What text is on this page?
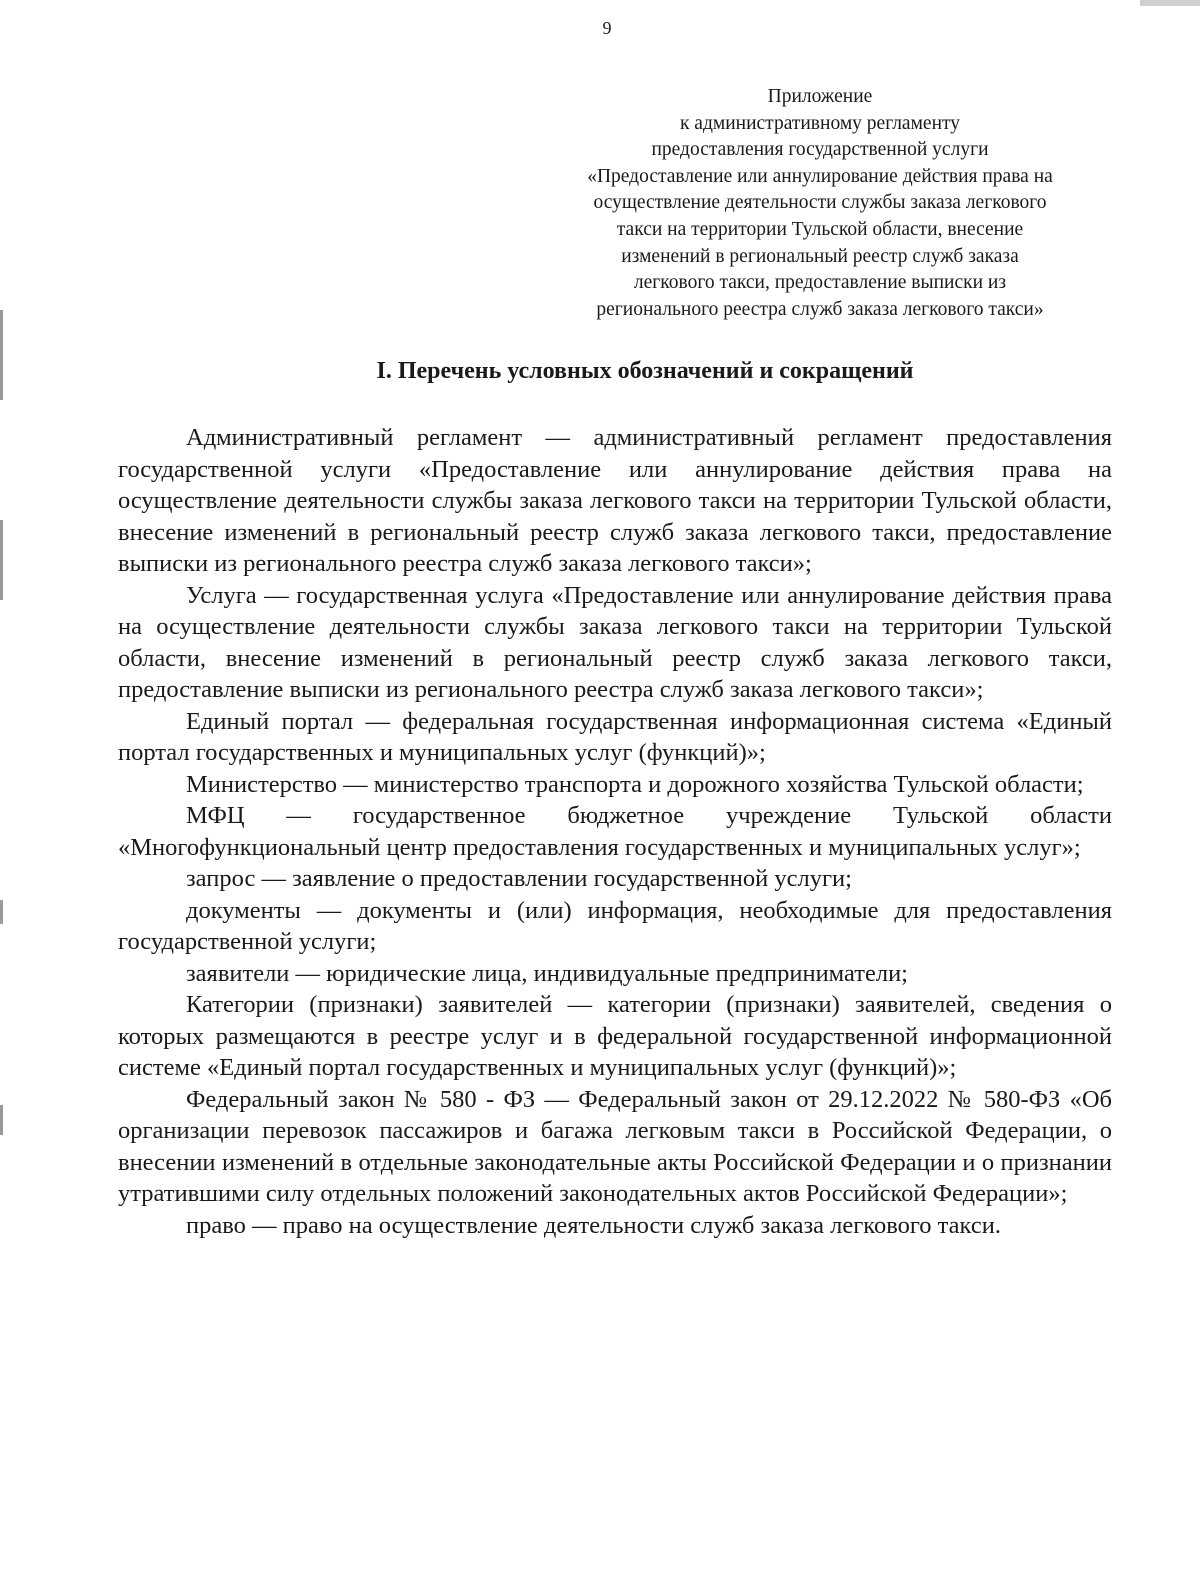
9
Приложение
к административному регламенту
предоставления государственной услуги
«Предоставление или аннулирование действия права на
осуществление деятельности службы заказа легкового
такси на территории Тульской области, внесение
изменений в региональный реестр служб заказа
легкового такси, предоставление выписки из
регионального реестра служб заказа легкового такси»
I. Перечень условных обозначений и сокращений

Административный регламент — административный регламент предоставления государственной услуги «Предоставление или аннулирование действия права на осуществление деятельности службы заказа легкового такси на территории Тульской области, внесение изменений в региональный реестр служб заказа легкового такси, предоставление выписки из регионального реестра служб заказа легкового такси»;

Услуга — государственная услуга «Предоставление или аннулирование действия права на осуществление деятельности службы заказа легкового такси на территории Тульской области, внесение изменений в региональный реестр служб заказа легкового такси, предоставление выписки из регионального реестра служб заказа легкового такси»;

Единый портал — федеральная государственная информационная система «Единый портал государственных и муниципальных услуг (функций)»;

Министерство — министерство транспорта и дорожного хозяйства Тульской области;

МФЦ — государственное бюджетное учреждение Тульской области «Многофункциональный центр предоставления государственных и муниципальных услуг»;

запрос — заявление о предоставлении государственной услуги;

документы — документы и (или) информация, необходимые для предоставления государственной услуги;

заявители — юридические лица, индивидуальные предприниматели;

Категории (признаки) заявителей — категории (признаки) заявителей, сведения о которых размещаются в реестре услуг и в федеральной государственной информационной системе «Единый портал государственных и муниципальных услуг (функций)»;

Федеральный закон № 580 - ФЗ — Федеральный закон от 29.12.2022 № 580-ФЗ «Об организации перевозок пассажиров и багажа легковым такси в Российской Федерации, о внесении изменений в отдельные законодательные акты Российской Федерации и о признании утратившими силу отдельных положений законодательных актов Российской Федерации»;

право — право на осуществление деятельности служб заказа легкового такси.
